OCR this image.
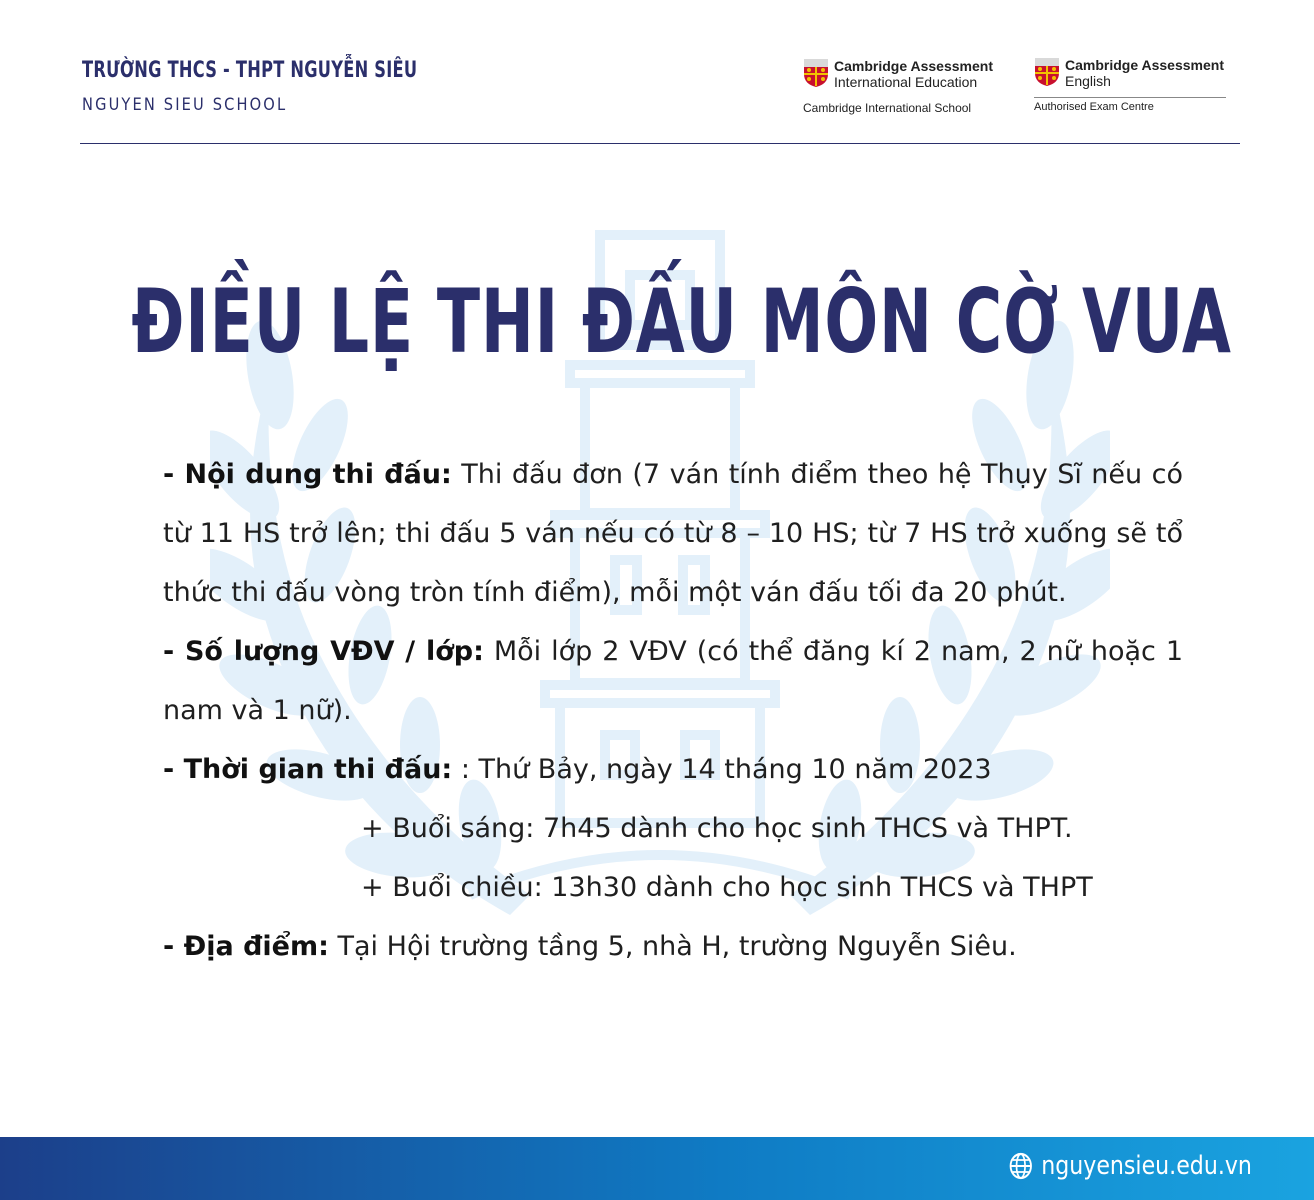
TRƯỜNG THCS - THPT NGUYỄN SIÊU
NGUYEN SIEU SCHOOL
Cambridge Assessment
International Education
Cambridge International School
Cambridge Assessment
English
Authorised Exam Centre
ĐIỀU LỆ THI ĐẤU MÔN CỜ VUA

- Nội dung thi đấu: Thi đấu đơn (7 ván tính điểm theo hệ Thụy Sĩ nếu có từ 11 HS trở lên; thi đấu 5 ván nếu có từ 8 – 10 HS; từ 7 HS trở xuống sẽ tổ thức thi đấu vòng tròn tính điểm), mỗi một ván đấu tối đa 20 phút.

- Số lượng VĐV / lớp: Mỗi lớp 2 VĐV (có thể đăng kí 2 nam, 2 nữ hoặc 1 nam và 1 nữ).

- Thời gian thi đấu: : Thứ Bảy, ngày 14 tháng 10 năm 2023

+ Buổi sáng: 7h45 dành cho học sinh THCS và THPT.

+ Buổi chiều: 13h30 dành cho học sinh THCS và THPT

- Địa điểm: Tại Hội trường tầng 5, nhà H, trường Nguyễn Siêu.

nguyensieu.edu.vn
